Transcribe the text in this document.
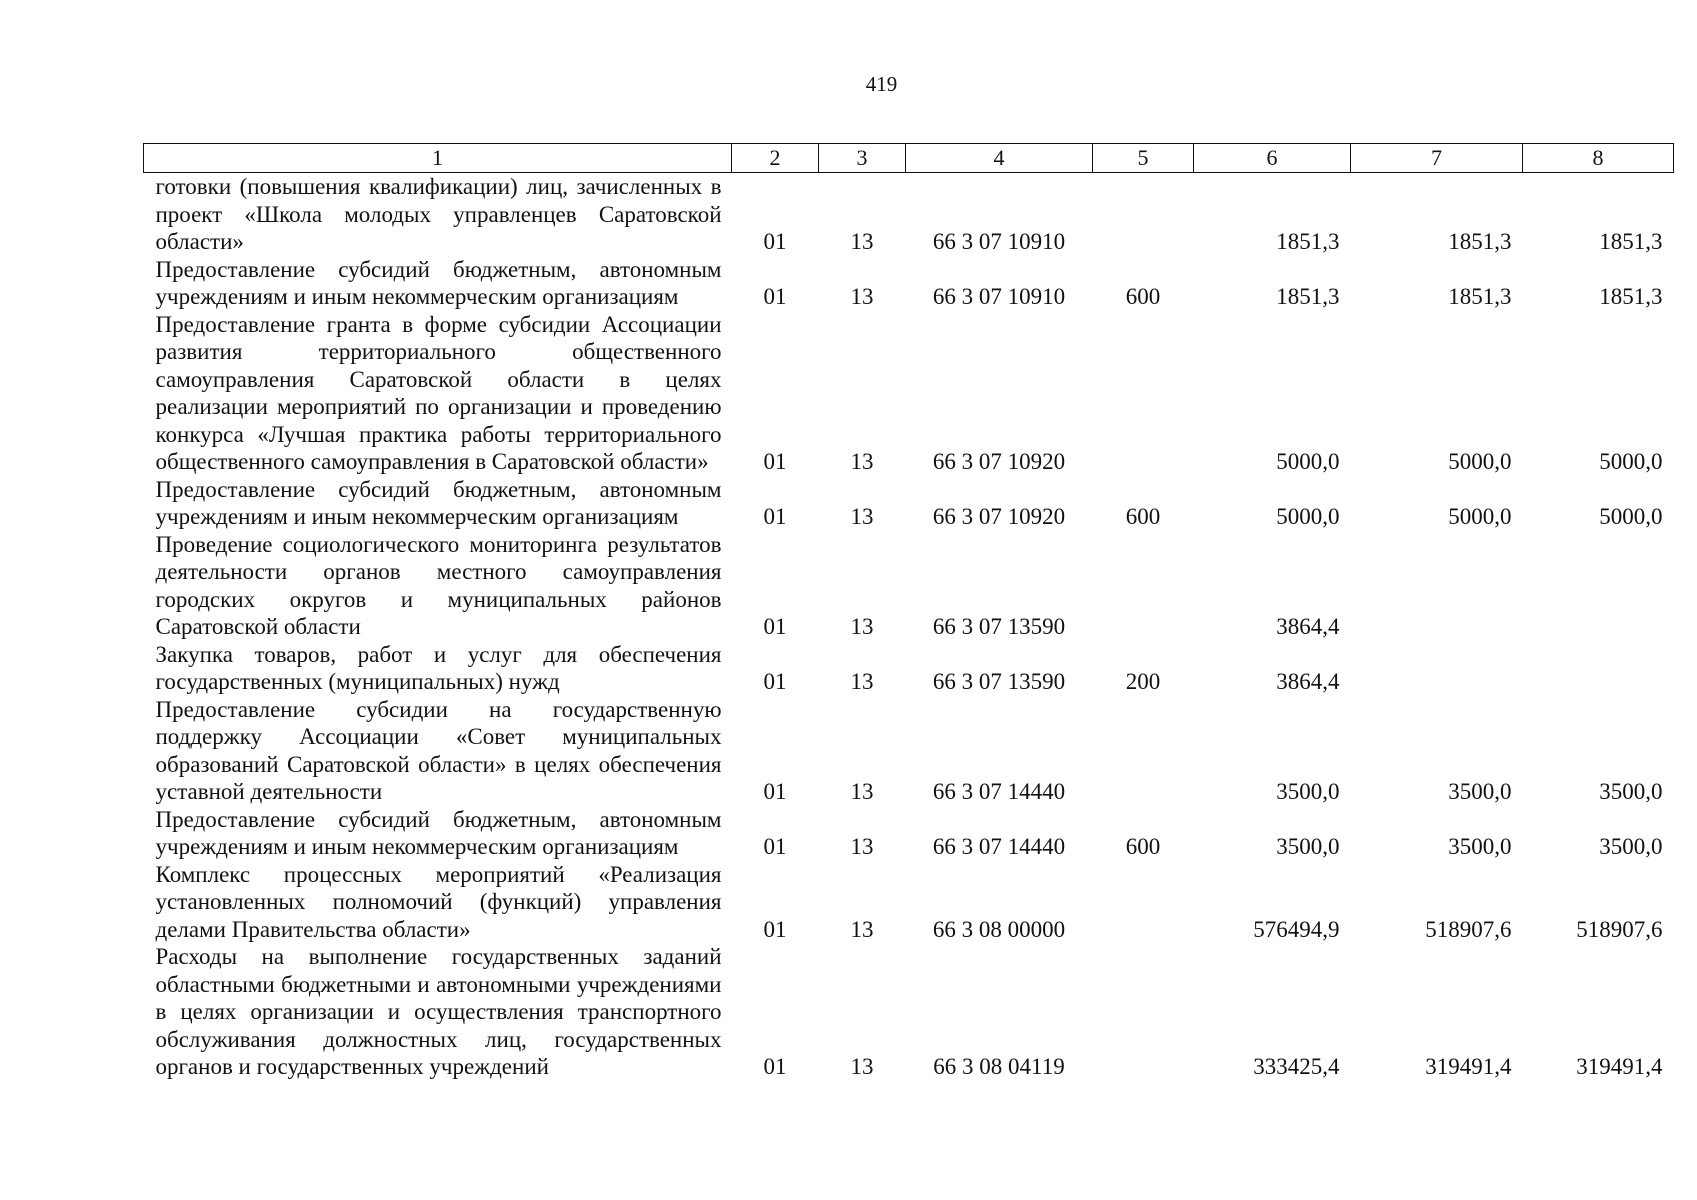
419
1	2	3	4	5	6	7	8
готовки (повышения квалификации) лиц, зачисленных в проект «Школа молодых управленцев Саратовской области»	01	13	66 3 07 10910		1851,3	1851,3	1851,3
Предоставление субсидий бюджетным, автономным учреждениям и иным некоммерческим организациям	01	13	66 3 07 10910	600	1851,3	1851,3	1851,3
Предоставление гранта в форме субсидии Ассоциации развития территориального общественного самоуправления Саратовской области в целях реализации мероприятий по организации и проведению конкурса «Лучшая практика работы территориального общественного самоуправления в Саратовской области»	01	13	66 3 07 10920		5000,0	5000,0	5000,0
Предоставление субсидий бюджетным, автономным учреждениям и иным некоммерческим организациям	01	13	66 3 07 10920	600	5000,0	5000,0	5000,0
Проведение социологического мониторинга результатов деятельности органов местного самоуправления городских округов и муниципальных районов Саратовской области	01	13	66 3 07 13590		3864,4		
Закупка товаров, работ и услуг для обеспечения государственных (муниципальных) нужд	01	13	66 3 07 13590	200	3864,4		
Предоставление субсидии на государственную поддержку Ассоциации «Совет муниципальных образований Саратовской области» в целях обеспечения уставной деятельности	01	13	66 3 07 14440		3500,0	3500,0	3500,0
Предоставление субсидий бюджетным, автономным учреждениям и иным некоммерческим организациям	01	13	66 3 07 14440	600	3500,0	3500,0	3500,0
Комплекс процессных мероприятий «Реализация установленных полномочий (функций) управления делами Правительства области»	01	13	66 3 08 00000		576494,9	518907,6	518907,6
Расходы на выполнение государственных заданий областными бюджетными и автономными учреждениями в целях организации и осуществления транспортного обслуживания должностных лиц, государственных органов и государственных учреждений	01	13	66 3 08 04119		333425,4	319491,4	319491,4
